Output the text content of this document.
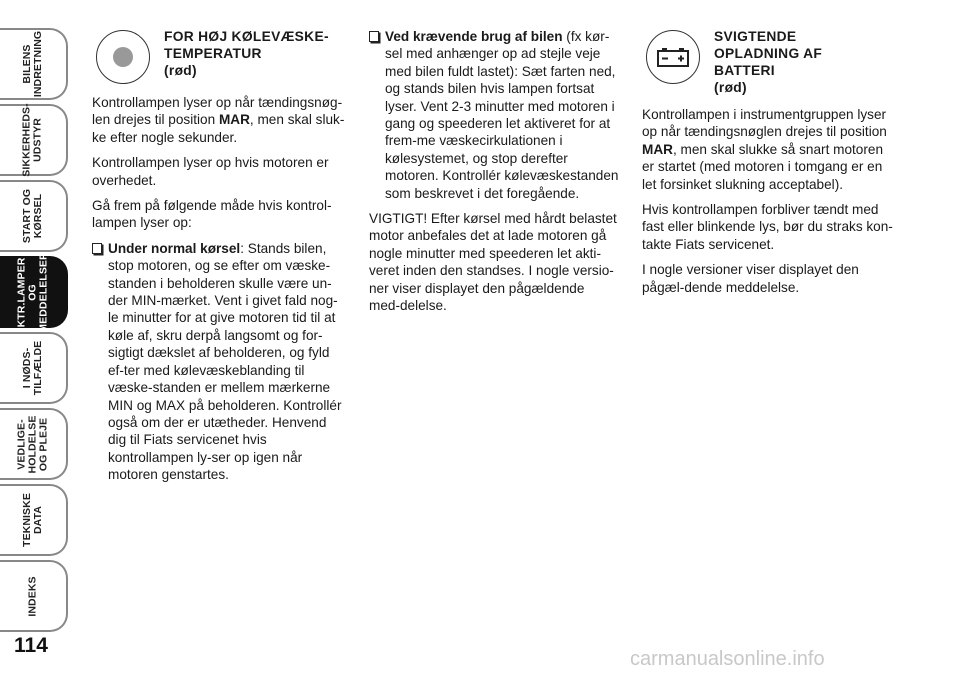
BILENS
INDRETNING
SIKKERHEDS-
UDSTYR
START OG
KØRSEL
KTR.LAMPER
OG
MEDDELELSER
I NØDS-
TILFÆLDE
VEDLIGE-
HOLDELSE
OG PLEJE
TEKNISKE
DATA
INDEKS
114
FOR HØJ KØLEVÆSKE-
TEMPERATUR
(rød)

Kontrollampen lyser op når tændingsnøg-len drejes til position MAR, men skal sluk-ke efter nogle sekunder.

Kontrollampen lyser op hvis motoren er overhedet.

Gå frem på følgende måde hvis kontrol-lampen lyser op:

Under normal kørsel: Stands bilen, stop motoren, og se efter om væske-standen i beholderen skulle være un-der MIN-mærket. Vent i givet fald nog-le minutter for at give motoren tid til at køle af, skru derpå langsomt og for-sigtigt dækslet af beholderen, og fyld ef-ter med kølevæskeblanding til væske-standen er mellem mærkerne MIN og MAX på beholderen. Kontrollér også om der er utætheder. Henvend dig til Fiats servicenet hvis kontrollampen ly-ser op igen når motoren genstartes.
Ved krævende brug af bilen (fx kør-sel med anhænger op ad stejle veje med bilen fuldt lastet): Sæt farten ned, og stands bilen hvis lampen fortsat lyser. Vent 2-3 minutter med motoren i gang og speederen let aktiveret for at frem-me væskecirkulationen i kølesystemet, og stop derefter motoren. Kontrollér kølevæskestanden som beskrevet i det foregående.

VIGTIGT! Efter kørsel med hårdt belastet motor anbefales det at lade motoren gå nogle minutter med speederen let akti-veret inden den standses. I nogle versio-ner viser displayet den pågældende med-delelse.

SVIGTENDE
OPLADNING AF
BATTERI
(rød)

Kontrollampen i instrumentgruppen lyser op når tændingsnøglen drejes til position MAR, men skal slukke så snart motoren er startet (med motoren i tomgang er en let forsinket slukning acceptabel).

Hvis kontrollampen forbliver tændt med fast eller blinkende lys, bør du straks kon-takte Fiats servicenet.

I nogle versioner viser displayet den pågæl-dende meddelelse.

carmanualsonline.info
